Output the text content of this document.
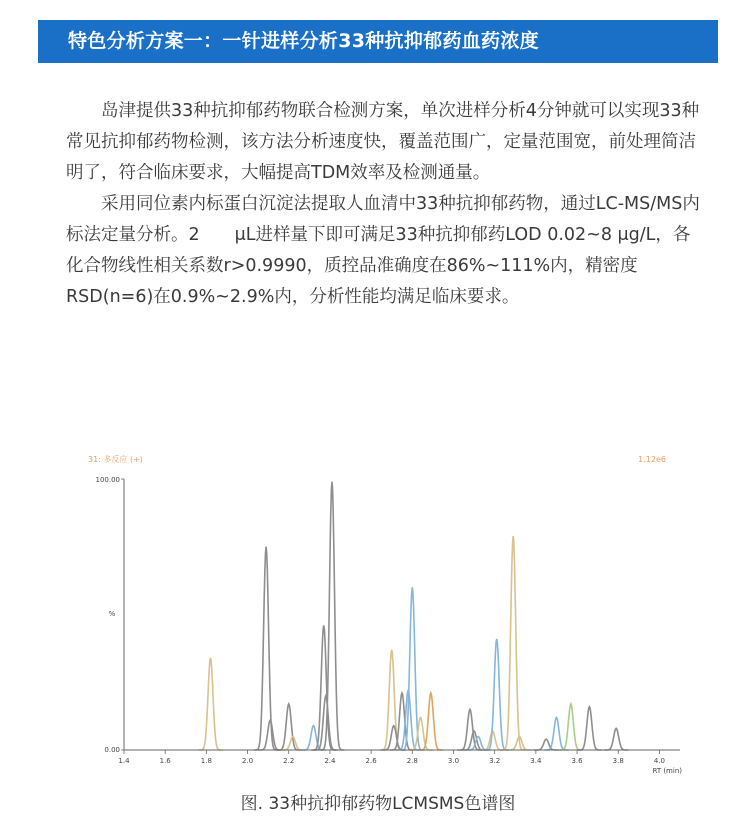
特色分析方案一：一针进样分析33种抗抑郁药血药浓度

岛津提供33种抗抑郁药物联合检测方案，单次进样分析4分钟就可以实现33种常见抗抑郁药物检测，该方法分析速度快，覆盖范围广，定量范围宽，前处理简洁明了，符合临床要求，大幅提高TDM效率及检测通量。

采用同位素内标蛋白沉淀法提取人血清中33种抗抑郁药物，通过LC-MS/MS内标法定量分析。2　　μL进样量下即可满足33种抗抑郁药LOD 0.02~8 μg/L，各化合物线性相关系数r>0.9990，质控品准确度在86%~111%内，精密度RSD(n=6)在0.9%~2.9%内，分析性能均满足临床要求。

31: 多反应 (+)	1.12e6
1.4	1.6	1.8	2.0	2.2	2.4	2.6	2.8	3.0	3.2	3.4	3.6	3.8	4.0
%
100.00
0.00
RT (min)
图. 33种抗抑郁药物LCMSMS色谱图
